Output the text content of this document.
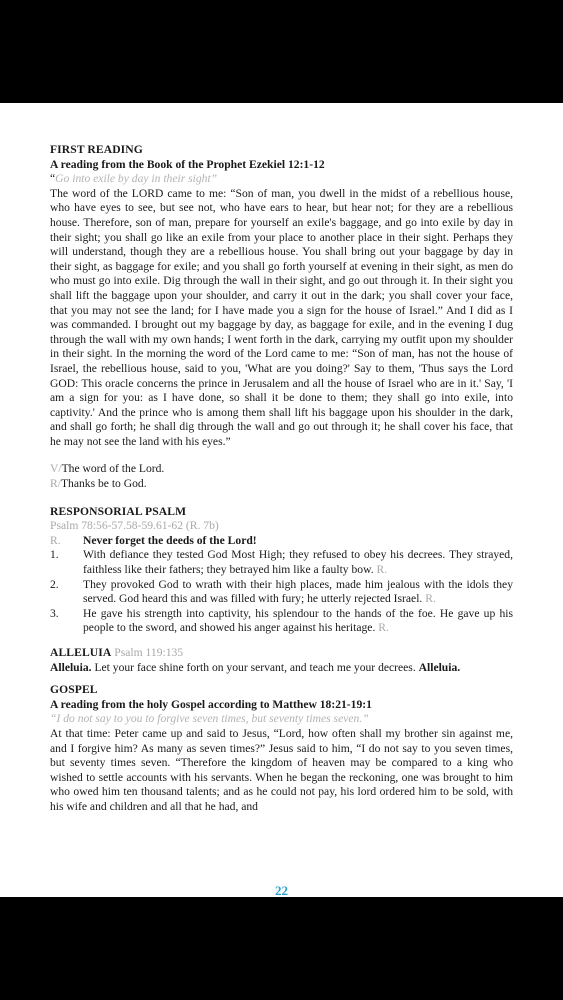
FIRST READING
A reading from the Book of the Prophet Ezekiel 12:1-12
“Go into exile by day in their sight”

The word of the LORD came to me: “Son of man, you dwell in the midst of a rebellious house, who have eyes to see, but see not, who have ears to hear, but hear not; for they are a rebellious house. Therefore, son of man, prepare for yourself an exile's baggage, and go into exile by day in their sight; you shall go like an exile from your place to another place in their sight. Perhaps they will understand, though they are a rebellious house. You shall bring out your baggage by day in their sight, as baggage for exile; and you shall go forth yourself at evening in their sight, as men do who must go into exile. Dig through the wall in their sight, and go out through it. In their sight you shall lift the baggage upon your shoulder, and carry it out in the dark; you shall cover your face, that you may not see the land; for I have made you a sign for the house of Israel.” And I did as I was commanded. I brought out my baggage by day, as baggage for exile, and in the evening I dug through the wall with my own hands; I went forth in the dark, carrying my outfit upon my shoulder in their sight. In the morning the word of the Lord came to me: “Son of man, has not the house of Israel, the rebellious house, said to you, 'What are you doing?' Say to them, 'Thus says the Lord GOD: This oracle concerns the prince in Jerusalem and all the house of Israel who are in it.' Say, 'I am a sign for you: as I have done, so shall it be done to them; they shall go into exile, into captivity.' And the prince who is among them shall lift his baggage upon his shoulder in the dark, and shall go forth; he shall dig through the wall and go out through it; he shall cover his face, that he may not see the land with his eyes.”

V/The word of the Lord.
R/Thanks be to God.
RESPONSORIAL PSALM
Psalm 78:56-57.58-59.61-62 (R. 7b)
R.	Never forget the deeds of the Lord!
1.	With defiance they tested God Most High; they refused to obey his decrees. They strayed, faithless like their fathers; they betrayed him like a faulty bow. R.
2.	They provoked God to wrath with their high places, made him jealous with the idols they served. God heard this and was filled with fury; he utterly rejected Israel. R.
3.	He gave his strength into captivity, his splendour to the hands of the foe. He gave up his people to the sword, and showed his anger against his heritage. R.
ALLELUIA Psalm 119:135
Alleluia. Let your face shine forth on your servant, and teach me your decrees. Alleluia.
GOSPEL
A reading from the holy Gospel according to Matthew 18:21-19:1
“I do not say to you to forgive seven times, but seventy times seven.”

At that time: Peter came up and said to Jesus, “Lord, how often shall my brother sin against me, and I forgive him? As many as seven times?” Jesus said to him, “I do not say to you seven times, but seventy times seven. “Therefore the kingdom of heaven may be compared to a king who wished to settle accounts with his servants. When he began the reckoning, one was brought to him who owed him ten thousand talents; and as he could not pay, his lord ordered him to be sold, with his wife and children and all that he had, and

22
